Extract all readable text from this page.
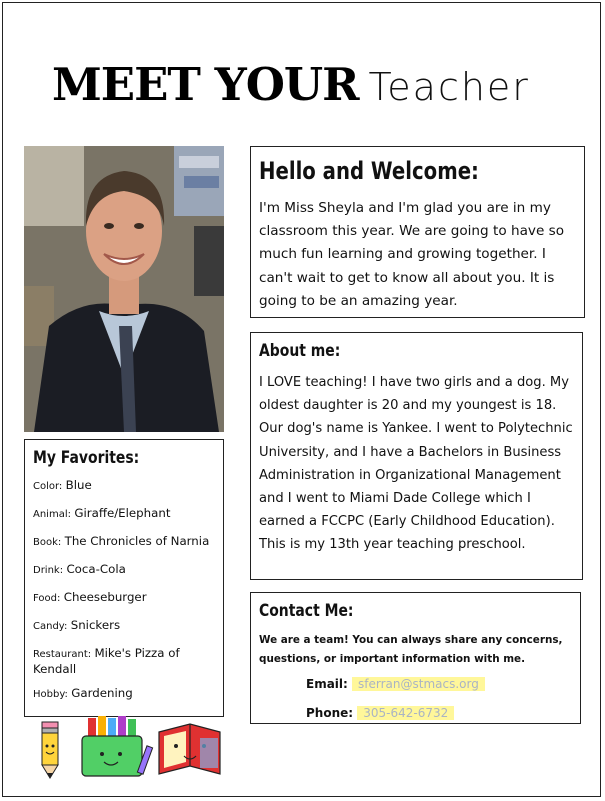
MEET YOUR Teacher
Hello and Welcome:

I'm Miss Sheyla and I'm glad you are in my classroom this year. We are going to have so much fun learning and growing together. I can't wait to get to know all about you. It is going to be an amazing year.

About me:

I LOVE teaching! I have two girls and a dog. My oldest daughter is 20 and my youngest is 18. Our dog's name is Yankee. I went to Polytechnic University, and I have a Bachelors in Business Administration in Organizational Management and I went to Miami Dade College which I earned a FCCPC (Early Childhood Education). This is my 13th year teaching preschool.

My Favorites:
Color: Blue
Animal: Giraffe/Elephant
Book: The Chronicles of Narnia
Drink: Coca-Cola
Food: Cheeseburger
Candy: Snickers
Restaurant: Mike's Pizza of Kendall
Hobby: Gardening
Contact Me:

We are a team! You can always share any concerns, questions, or important information with me.

Email: sferran@stmacs.org
Phone: 305-642-6732
